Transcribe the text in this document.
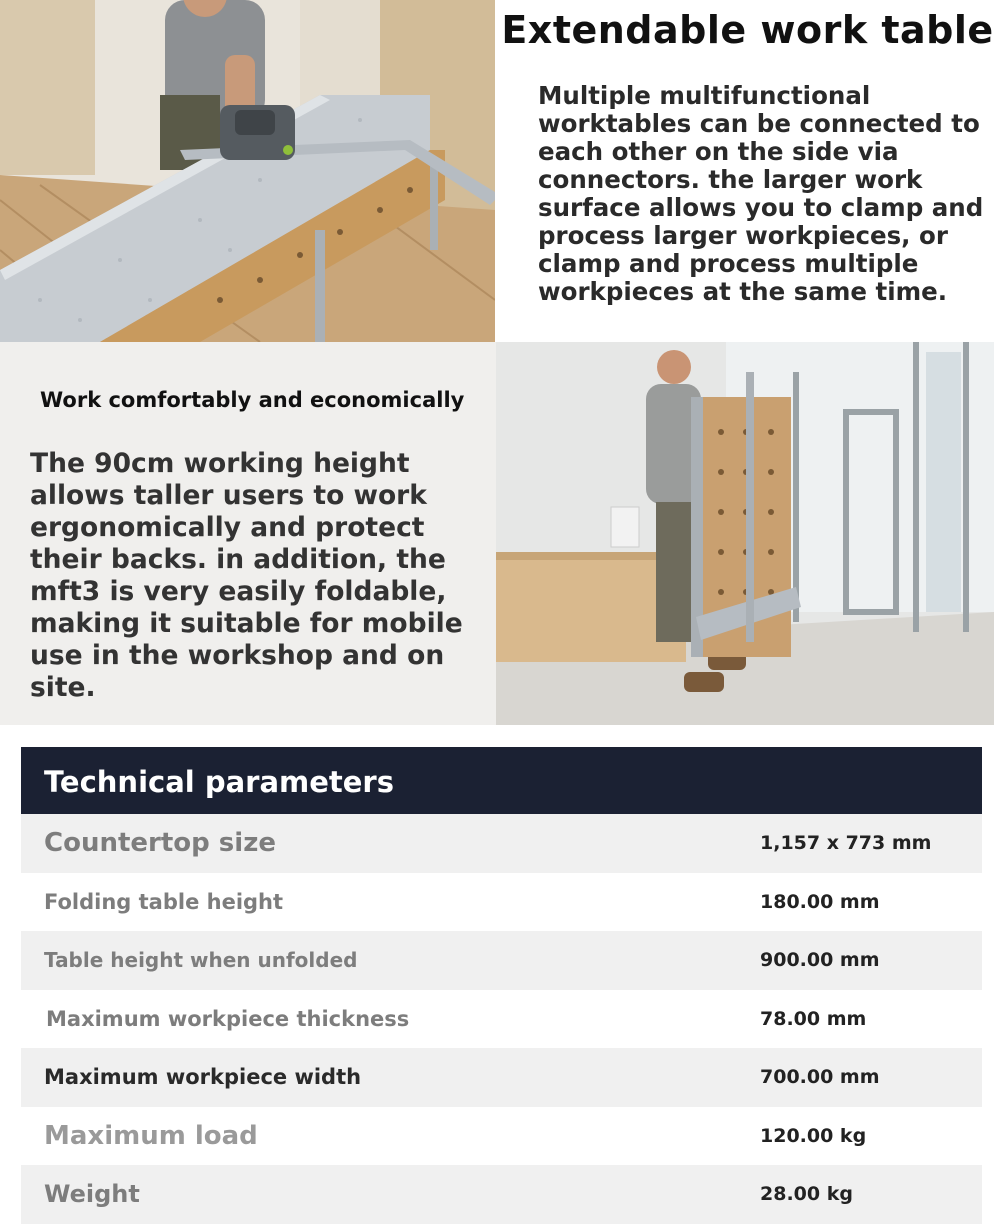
Extendable work table
Multiple multifunctional worktables can be connected to each other on the side via connectors. the larger work surface allows you to clamp and process larger workpieces, or clamp and process multiple workpieces at the same time.
Work comfortably and economically
The 90cm working height allows taller users to work ergonomically and protect their backs. in addition, the mft3 is very easily foldable, making it suitable for mobile use in the workshop and on site.
Technical parameters
Countertop size	1,157 x 773 mm
Folding table height	180.00 mm
Table height when unfolded	900.00 mm
Maximum workpiece thickness	78.00 mm
Maximum workpiece width	700.00 mm
Maximum load	120.00 kg
Weight	28.00 kg
